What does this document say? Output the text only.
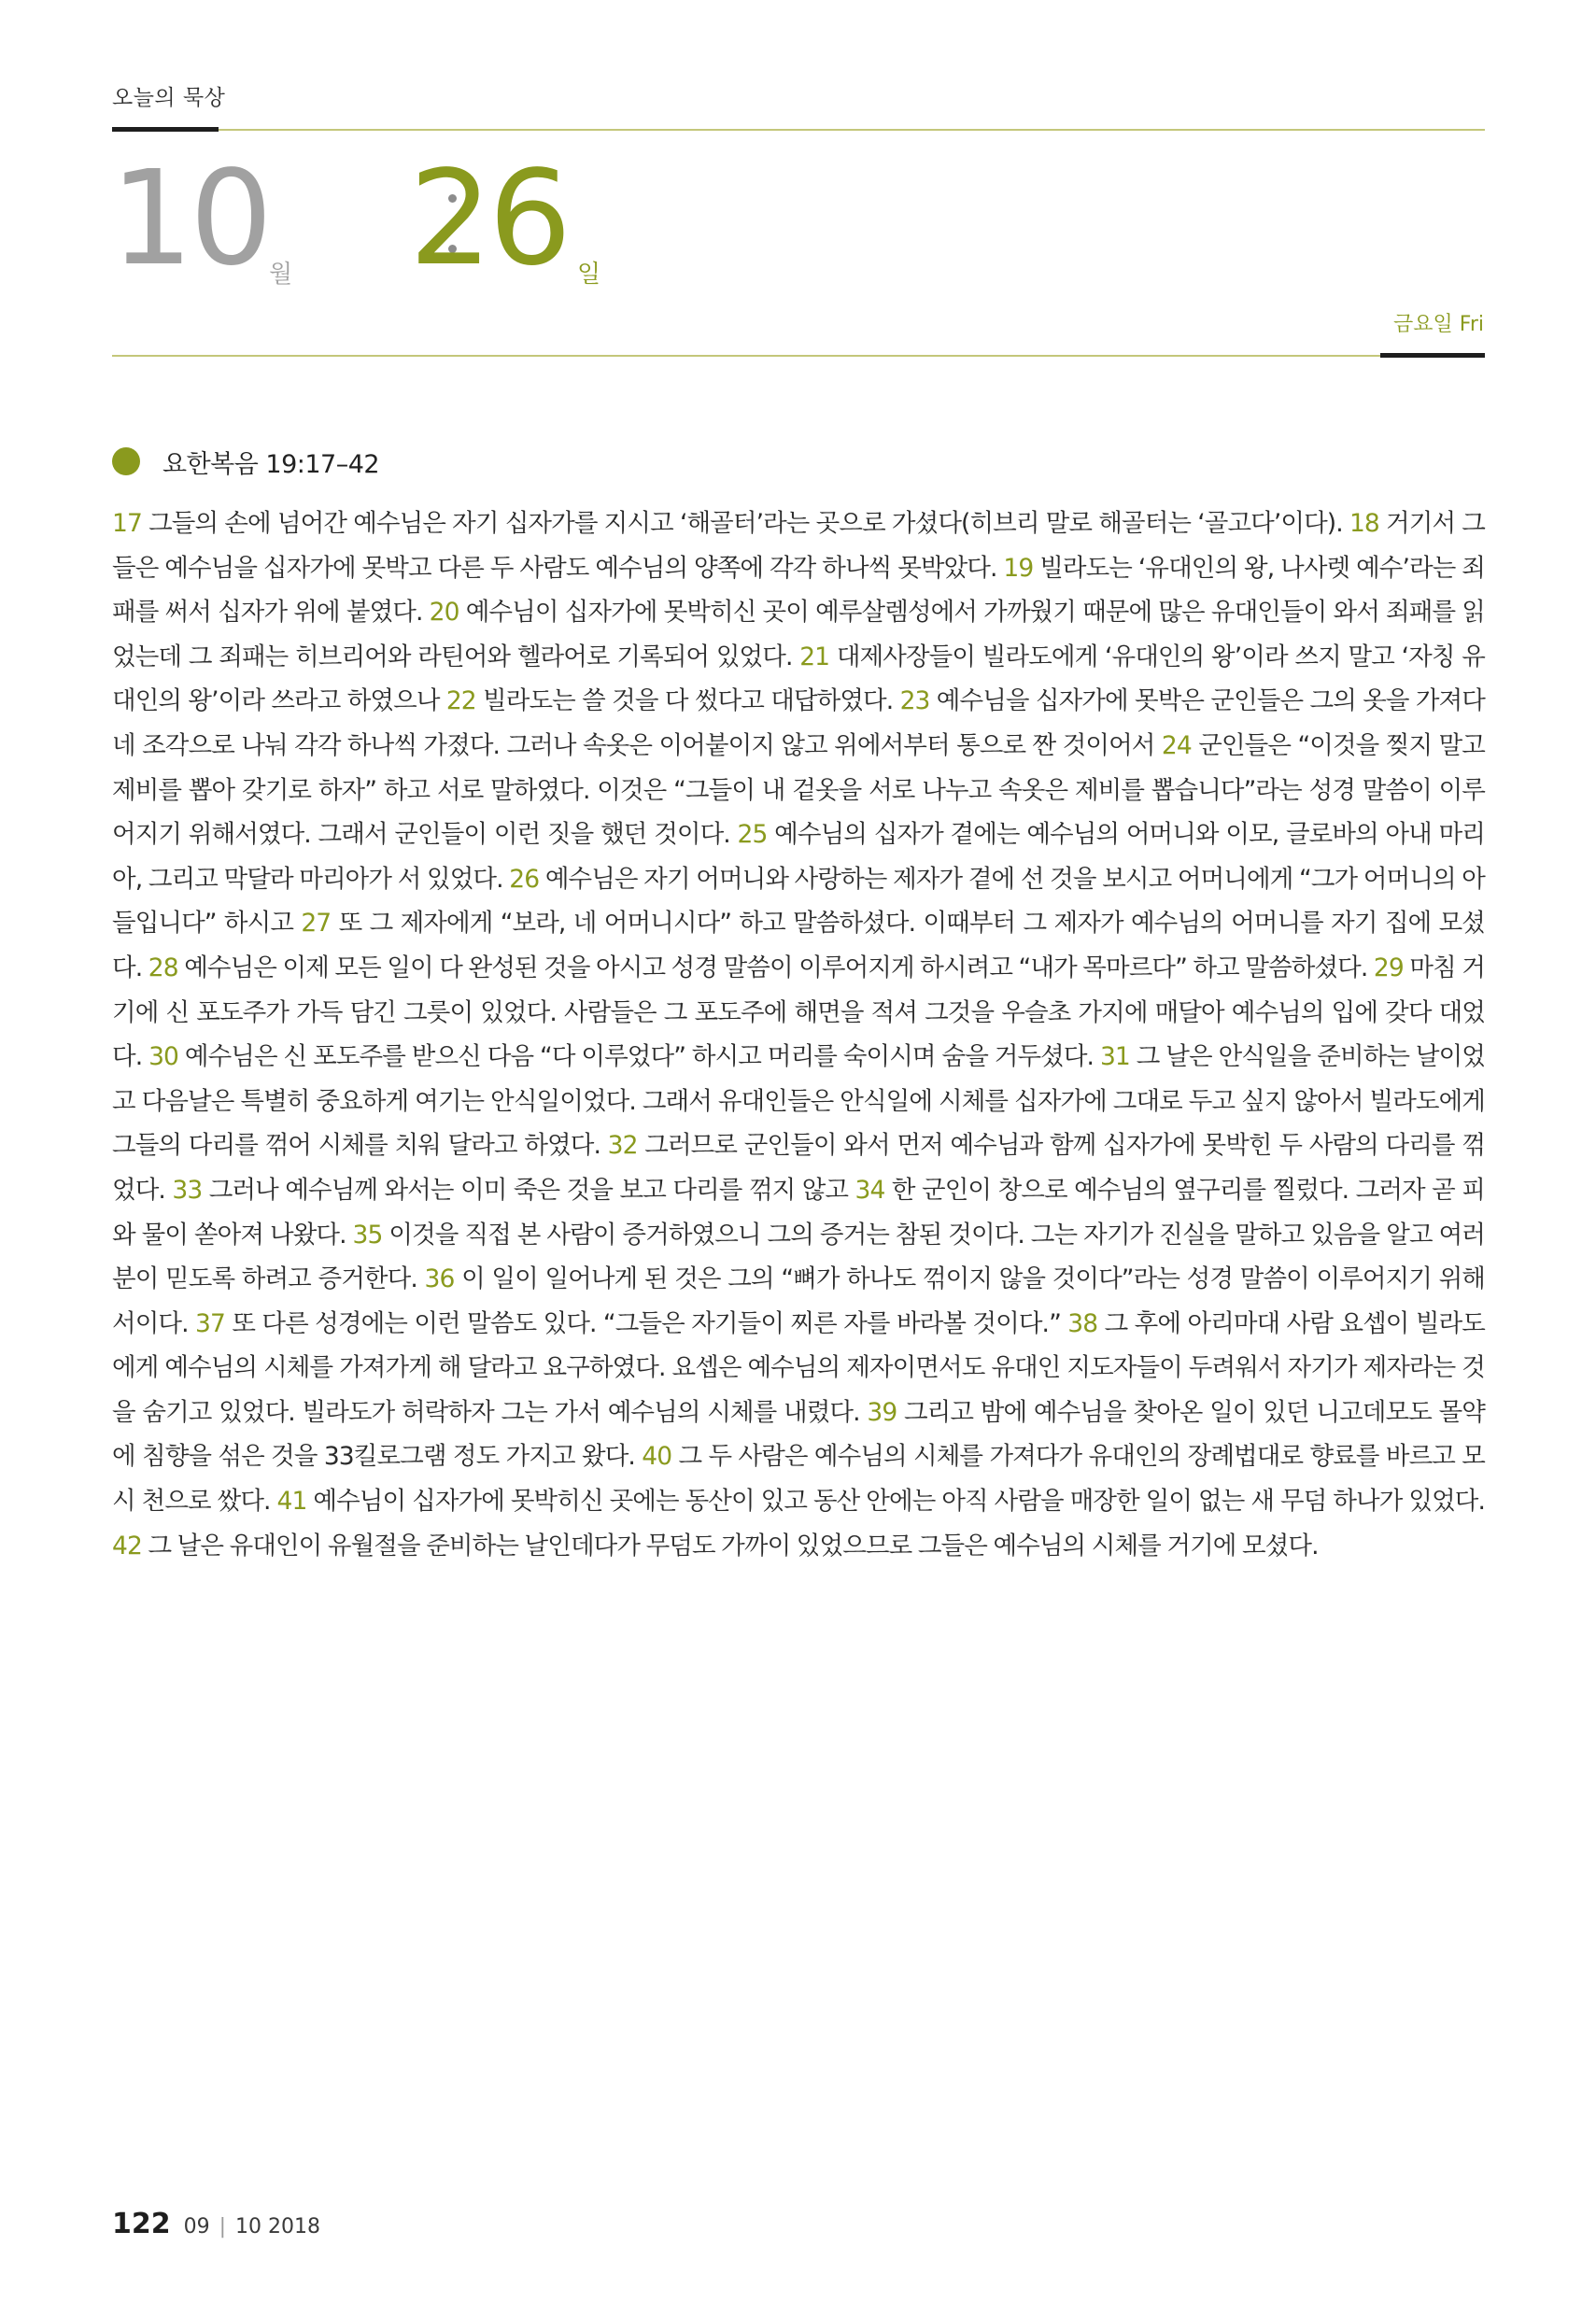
오늘의 묵상
10 월 26 일
금요일 Fri
요한복음 19:17–42
17 그들의 손에 넘어간 예수님은 자기 십자가를 지시고 ‘해골터’라는 곳으로 가셨다(히브리 말로 해골터는 ‘골고다’이다). 18 거기서 그들은 예수님을 십자가에 못박고 다른 두 사람도 예수님의 양쪽에 각각 하나씩 못박았다. 19 빌라도는 ‘유대인의 왕, 나사렛 예수’라는 죄패를 써서 십자가 위에 붙였다. 20 예수님이 십자가에 못박히신 곳이 예루살렘성에서 가까웠기 때문에 많은 유대인들이 와서 죄패를 읽었는데 그 죄패는 히브리어와 라틴어와 헬라어로 기록되어 있었다. 21 대제사장들이 빌라도에게 ‘유대인의 왕’이라 쓰지 말고 ‘자칭 유대인의 왕’이라 쓰라고 하였으나 22 빌라도는 쓸 것을 다 썼다고 대답하였다. 23 예수님을 십자가에 못박은 군인들은 그의 옷을 가져다 네 조각으로 나눠 각각 하나씩 가졌다. 그러나 속옷은 이어붙이지 않고 위에서부터 통으로 짠 것이어서 24 군인들은 “이것을 찢지 말고 제비를 뽑아 갖기로 하자” 하고 서로 말하였다. 이것은 “그들이 내 겉옷을 서로 나누고 속옷은 제비를 뽑습니다”라는 성경 말씀이 이루어지기 위해서였다. 그래서 군인들이 이런 짓을 했던 것이다. 25 예수님의 십자가 곁에는 예수님의 어머니와 이모, 글로바의 아내 마리아, 그리고 막달라 마리아가 서 있었다. 26 예수님은 자기 어머니와 사랑하는 제자가 곁에 선 것을 보시고 어머니에게 “그가 어머니의 아들입니다” 하시고 27 또 그 제자에게 “보라, 네 어머니시다” 하고 말씀하셨다. 이때부터 그 제자가 예수님의 어머니를 자기 집에 모셨다. 28 예수님은 이제 모든 일이 다 완성된 것을 아시고 성경 말씀이 이루어지게 하시려고 “내가 목마르다” 하고 말씀하셨다. 29 마침 거기에 신 포도주가 가득 담긴 그릇이 있었다. 사람들은 그 포도주에 해면을 적셔 그것을 우슬초 가지에 매달아 예수님의 입에 갖다 대었다. 30 예수님은 신 포도주를 받으신 다음 “다 이루었다” 하시고 머리를 숙이시며 숨을 거두셨다. 31 그 날은 안식일을 준비하는 날이었고 다음날은 특별히 중요하게 여기는 안식일이었다. 그래서 유대인들은 안식일에 시체를 십자가에 그대로 두고 싶지 않아서 빌라도에게 그들의 다리를 꺾어 시체를 치워 달라고 하였다. 32 그러므로 군인들이 와서 먼저 예수님과 함께 십자가에 못박힌 두 사람의 다리를 꺾었다. 33 그러나 예수님께 와서는 이미 죽은 것을 보고 다리를 꺾지 않고 34 한 군인이 창으로 예수님의 옆구리를 찔렀다. 그러자 곧 피와 물이 쏟아져 나왔다. 35 이것을 직접 본 사람이 증거하였으니 그의 증거는 참된 것이다. 그는 자기가 진실을 말하고 있음을 알고 여러분이 믿도록 하려고 증거한다. 36 이 일이 일어나게 된 것은 그의 “뼈가 하나도 꺾이지 않을 것이다”라는 성경 말씀이 이루어지기 위해서이다. 37 또 다른 성경에는 이런 말씀도 있다. “그들은 자기들이 찌른 자를 바라볼 것이다.” 38 그 후에 아리마대 사람 요셉이 빌라도에게 예수님의 시체를 가져가게 해 달라고 요구하였다. 요셉은 예수님의 제자이면서도 유대인 지도자들이 두려워서 자기가 제자라는 것을 숨기고 있었다. 빌라도가 허락하자 그는 가서 예수님의 시체를 내렸다. 39 그리고 밤에 예수님을 찾아온 일이 있던 니고데모도 몰약에 침향을 섞은 것을 33킬로그램 정도 가지고 왔다. 40 그 두 사람은 예수님의 시체를 가져다가 유대인의 장례법대로 향료를 바르고 모시 천으로 쌌다. 41 예수님이 십자가에 못박히신 곳에는 동산이 있고 동산 안에는 아직 사람을 매장한 일이 없는 새 무덤 하나가 있었다. 42 그 날은 유대인이 유월절을 준비하는 날인데다가 무덤도 가까이 있었으므로 그들은 예수님의 시체를 거기에 모셨다.
122 09 | 10 2018
